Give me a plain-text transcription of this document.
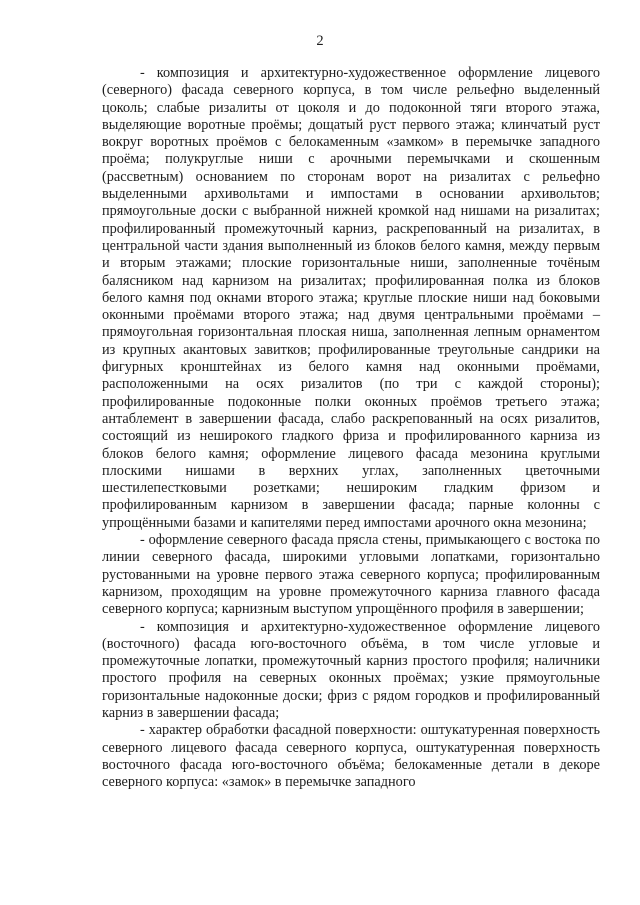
2

- композиция и архитектурно-художественное оформление лицевого (северного) фасада северного корпуса, в том числе рельефно выделенный цоколь; слабые ризалиты от цоколя и до подоконной тяги второго этажа, выделяющие воротные проёмы; дощатый руст первого этажа; клинчатый руст вокруг воротных проёмов с белокаменным «замком» в перемычке западного проёма; полукруглые ниши с арочными перемычками и скошенным (рассветным) основанием по сторонам ворот на ризалитах с рельефно выделенными архивольтами и импостами в основании архивольтов; прямоугольные доски с выбранной нижней кромкой над нишами на ризалитах; профилированный промежуточный карниз, раскрепованный на ризалитах, в центральной части здания выполненный из блоков белого камня, между первым и вторым этажами; плоские горизонтальные ниши, заполненные точёным балясником над карнизом на ризалитах; профилированная полка из блоков белого камня под окнами второго этажа; круглые плоские ниши над боковыми оконными проёмами второго этажа; над двумя центральными проёмами – прямоугольная горизонтальная плоская ниша, заполненная лепным орнаментом из крупных акантовых завитков; профилированные треугольные сандрики на фигурных кронштейнах из белого камня над оконными проёмами, расположенными на осях ризалитов (по три с каждой стороны); профилированные подоконные полки оконных проёмов третьего этажа; антаблемент в завершении фасада, слабо раскрепованный на осях ризалитов, состоящий из неширокого гладкого фриза и профилированного карниза из блоков белого камня; оформление лицевого фасада мезонина круглыми плоскими нишами в верхних углах, заполненных цветочными шестилепестковыми розетками; неширoким гладким фризом и профилированным карнизом в завершении фасада; парные колонны с упрощёнными базами и капителями перед импостами арочного окна мезонина;

- оформление северного фасада прясла стены, примыкающего с востока по линии северного фасада, широкими угловыми лопатками, горизонтально рустованными на уровне первого этажа северного корпуса; профилированным карнизом, проходящим на уровне промежуточного карниза главного фасада северного корпуса; карнизным выступом упрощённого профиля в завершении;

- композиция и архитектурно-художественное оформление лицевого (восточного) фасада юго-восточного объёма, в том числе угловые и промежуточные лопатки, промежуточный карниз простого профиля; наличники простого профиля на северных оконных проёмах; узкие прямоугольные горизонтальные надоконные доски; фриз с рядом городков и профилированный карниз в завершении фасада;

- характер обработки фасадной поверхности: оштукатуренная поверхность северного лицевого фасада северного корпуса, оштукатуренная поверхность восточного фасада юго-восточного объёма; белокаменные детали в декоре северного корпуса: «замок» в перемычке западного
